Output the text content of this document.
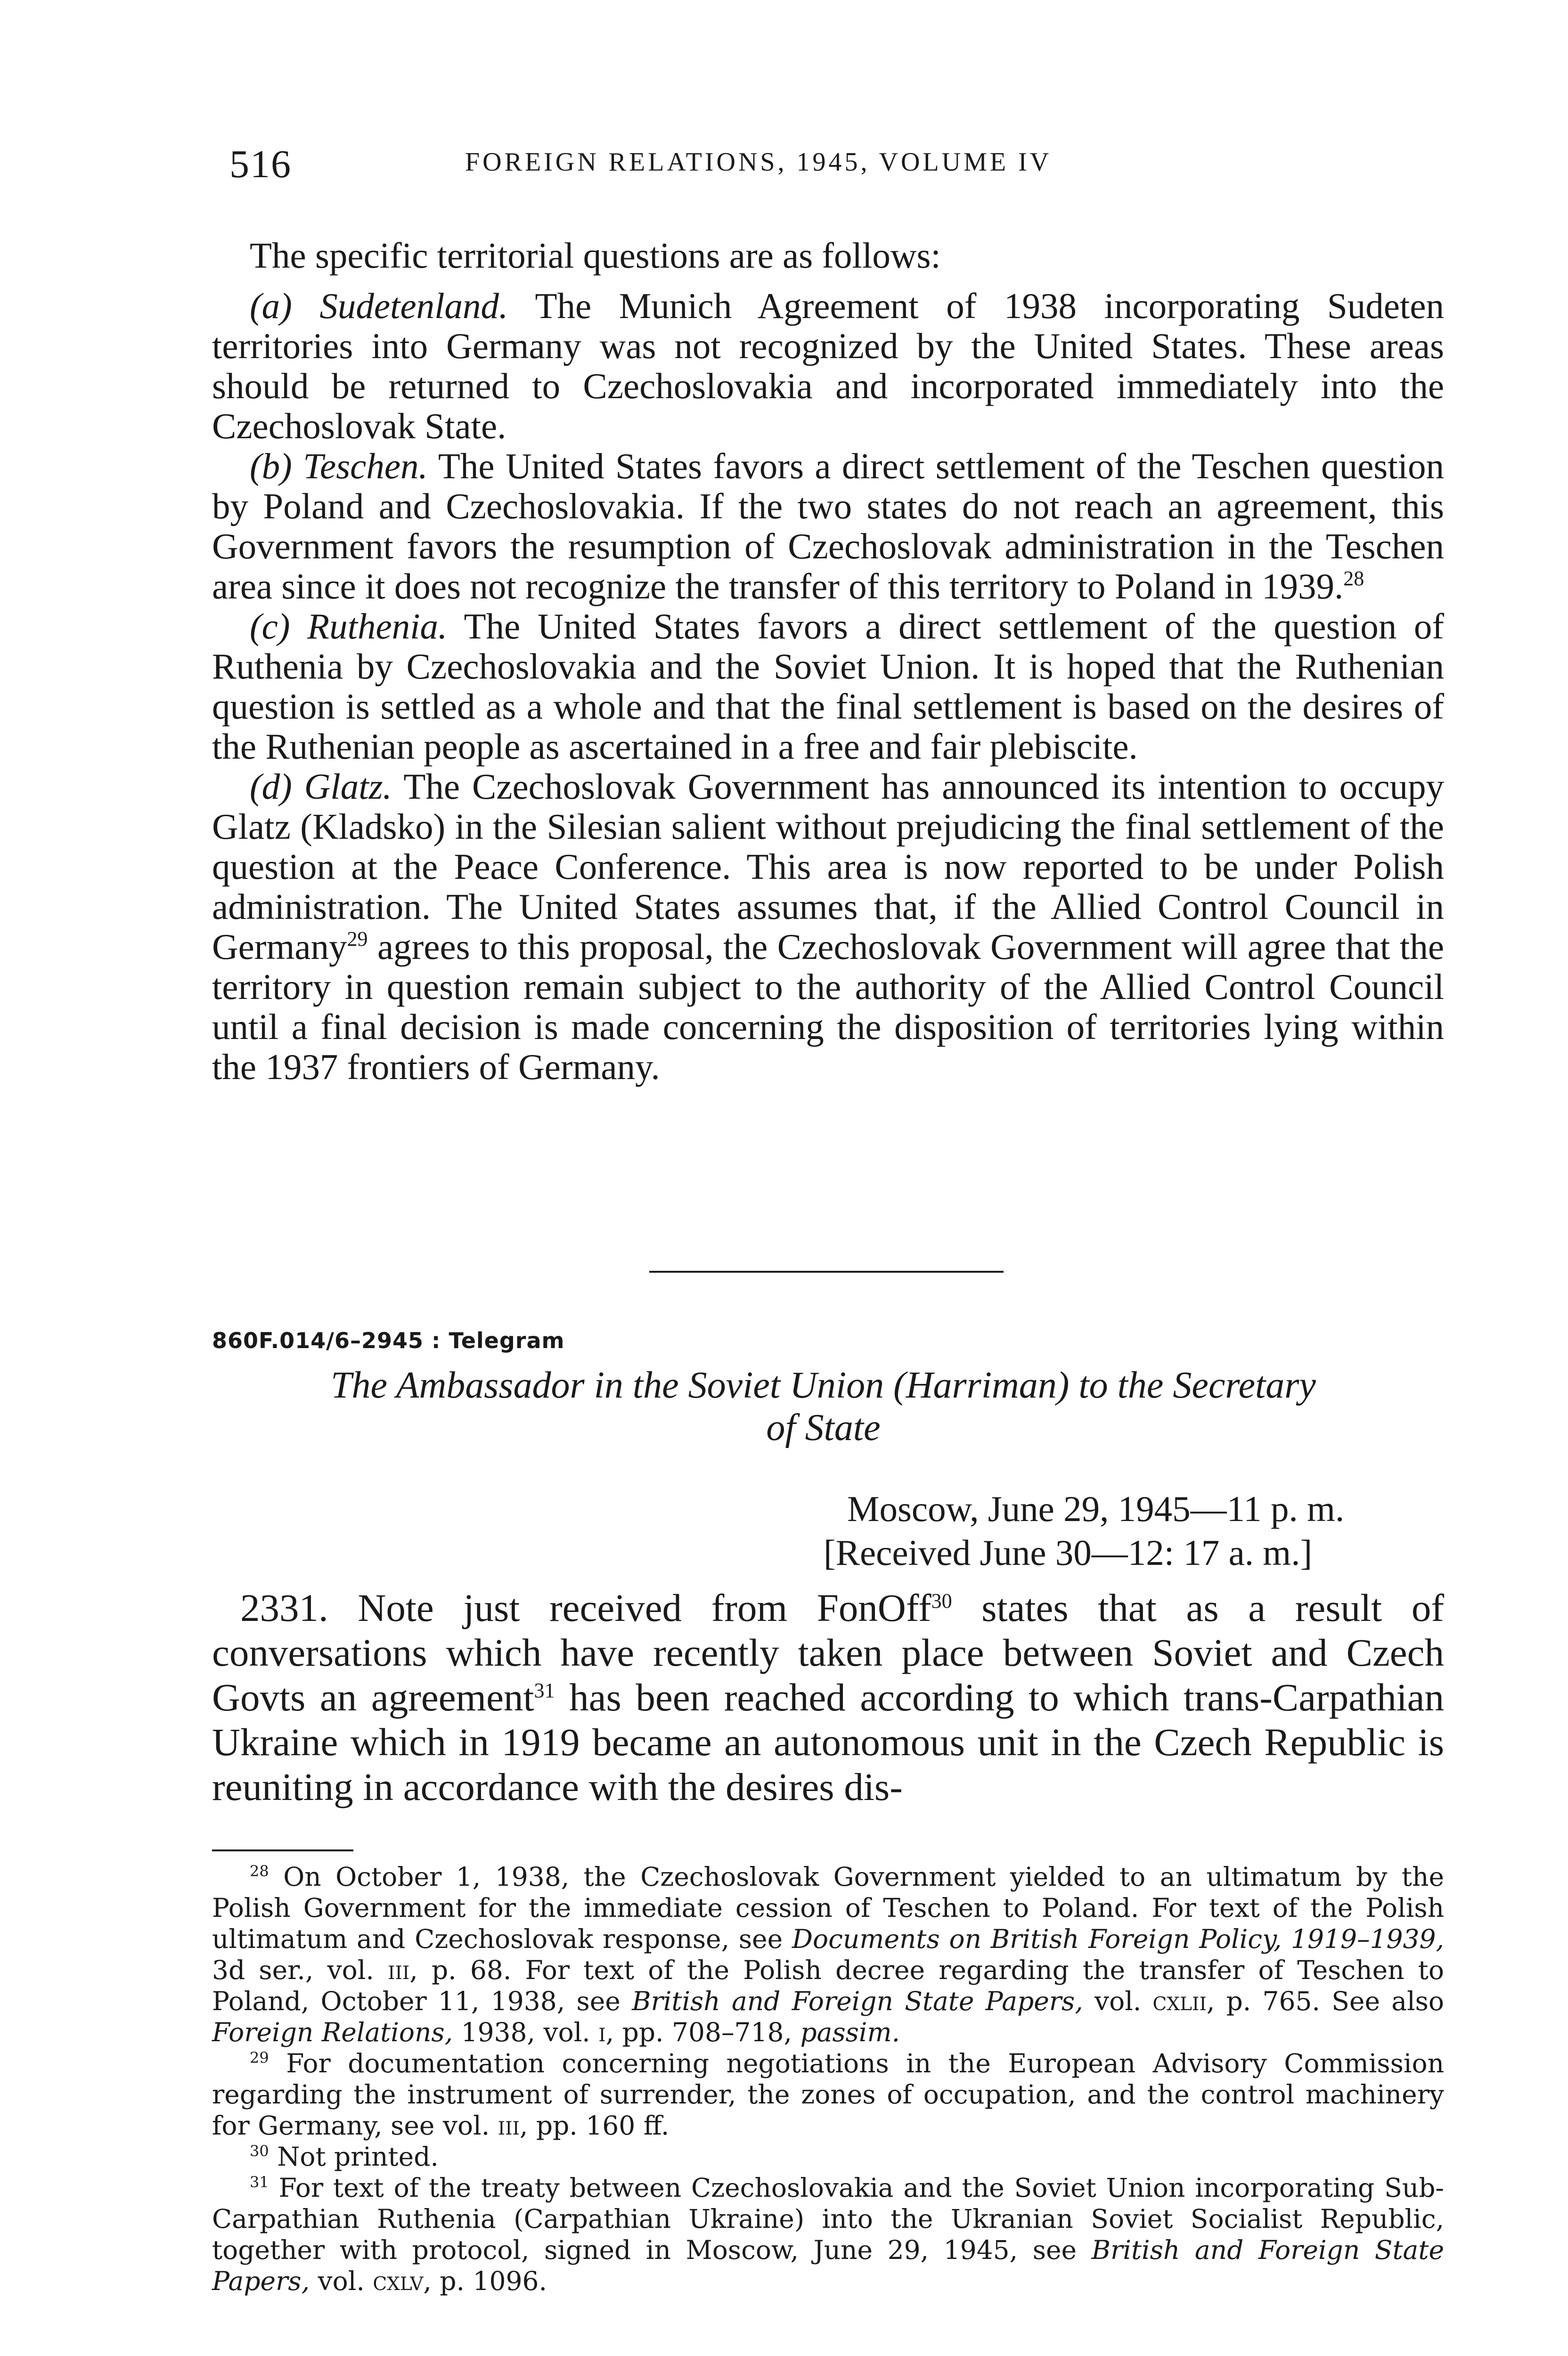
516	FOREIGN RELATIONS, 1945, VOLUME IV

The specific territorial questions are as follows:

(a) Sudetenland. The Munich Agreement of 1938 incorporating Sudeten territories into Germany was not recognized by the United States. These areas should be returned to Czechoslovakia and incorporated immediately into the Czechoslovak State.

(b) Teschen. The United States favors a direct settlement of the Teschen question by Poland and Czechoslovakia. If the two states do not reach an agreement, this Government favors the resumption of Czechoslovak administration in the Teschen area since it does not recognize the transfer of this territory to Poland in 1939.28

(c) Ruthenia. The United States favors a direct settlement of the question of Ruthenia by Czechoslovakia and the Soviet Union. It is hoped that the Ruthenian question is settled as a whole and that the final settlement is based on the desires of the Ruthenian people as ascertained in a free and fair plebiscite.

(d) Glatz. The Czechoslovak Government has announced its intention to occupy Glatz (Kladsko) in the Silesian salient without prejudicing the final settlement of the question at the Peace Conference. This area is now reported to be under Polish administration. The United States assumes that, if the Allied Control Council in Germany$^{29}$ agrees to this proposal, the Czechoslovak Government will agree that the territory in question remain subject to the authority of the Allied Control Council until a final decision is made concerning the disposition of territories lying within the 1937 frontiers of Germany.

860F.014/6–2945 : Telegram
The Ambassador in the Soviet Union (Harriman) to the Secretary
of State
Moscow, June 29, 1945—11 p. m.
[Received June 30—12: 17 a. m.]

2331. Note just received from FonOff$^{30}$ states that as a result of conversations which have recently taken place between Soviet and Czech Govts an agreement$^{31}$ has been reached according to which trans-Carpathian Ukraine which in 1919 became an autonomous unit in the Czech Republic is reuniting in accordance with the desires dis-

$^{28}$ On October 1, 1938, the Czechoslovak Government yielded to an ultimatum by the Polish Government for the immediate cession of Teschen to Poland. For text of the Polish ultimatum and Czechoslovak response, see Documents on British Foreign Policy, 1919–1939, 3d ser., vol. iii, p. 68. For text of the Polish decree regarding the transfer of Teschen to Poland, October 11, 1938, see British and Foreign State Papers, vol. cxlii, p. 765. See also Foreign Relations, 1938, vol. i, pp. 708–718, passim.

$^{29}$ For documentation concerning negotiations in the European Advisory Commission regarding the instrument of surrender, the zones of occupation, and the control machinery for Germany, see vol. iii, pp. 160 ff.

$^{30}$ Not printed.

$^{31}$ For text of the treaty between Czechoslovakia and the Soviet Union incorporating Sub-Carpathian Ruthenia (Carpathian Ukraine) into the Ukranian Soviet Socialist Republic, together with protocol, signed in Moscow, June 29, 1945, see British and Foreign State Papers, vol. cxlv, p. 1096.
